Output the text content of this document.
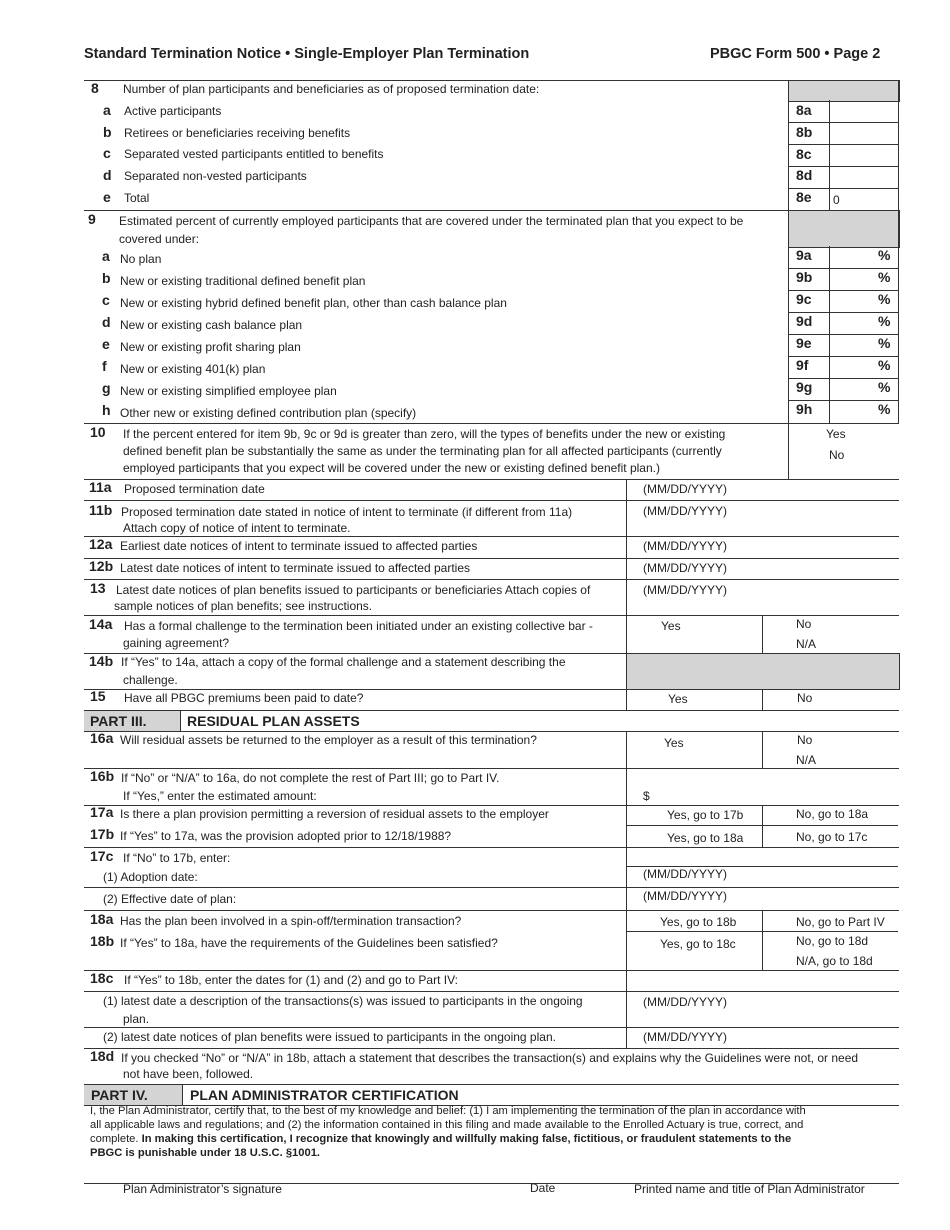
Standard Termination Notice • Single-Employer Plan Termination	PBGC Form 500 • Page 2
8 Number of plan participants and beneficiaries as of proposed termination date:
a Active participants	8a
b Retirees or beneficiaries receiving benefits	8b
c Separated vested participants entitled to benefits	8c
d Separated non-vested participants	8d
e Total	8e 0
9 Estimated percent of currently employed participants that are covered under the terminated plan that you expect to be
covered under:
a No plan	9a	%
b New or existing traditional defined benefit plan	9b	%
c New or existing hybrid defined benefit plan, other than cash balance plan	9c	%
d New or existing cash balance plan	9d	%
e New or existing profit sharing plan	9e	%
f New or existing 401(k) plan	9f	%
g New or existing simplified employee plan	9g	%
h Other new or existing defined contribution plan (specify)	9h	%
10 If the percent entered for item 9b, 9c or 9d is greater than zero, will the types of benefits under the new or existing
defined benefit plan be substantially the same as under the terminating plan for all affected participants (currently
employed participants that you expect will be covered under the new or existing defined benefit plan.)
Yes
No
11a Proposed termination date	(MM/DD/YYYY)
11b Proposed termination date stated in notice of intent to terminate (if different from 11a)
Attach copy of notice of intent to terminate.
(MM/DD/YYYY)
12a Earliest date notices of intent to terminate issued to affected parties	(MM/DD/YYYY)
12b Latest date notices of intent to terminate issued to affected parties	(MM/DD/YYYY)
13 Latest date notices of plan benefits issued to participants or beneficiaries Attach copies of
sample notices of plan benefits; see instructions.
(MM/DD/YYYY)
14a Has a formal challenge to the termination been initiated under an existing collective bar -
gaining agreement?
Yes	No
N/A
14b If “Yes” to 14a, attach a copy of the formal challenge and a statement describing the
challenge.
15 Have all PBGC premiums been paid to date?	Yes	No
PART III.	RESIDUAL PLAN ASSETS
16a Will residual assets be returned to the employer as a result of this termination?	Yes	No
N/A
16b If “No” or “N/A” to 16a, do not complete the rest of Part III; go to Part IV.
If “Yes,” enter the estimated amount:	$
17a Is there a plan provision permitting a reversion of residual assets to the employer	Yes, go to 17b	No, go to 18a
17b If “Yes” to 17a, was the provision adopted prior to 12/18/1988?	Yes, go to 18a	No, go to 17c
17c If “No” to 17b, enter:
(1) Adoption date:	(MM/DD/YYYY)
(2) Effective date of plan:	(MM/DD/YYYY)
18a Has the plan been involved in a spin-off/termination transaction?	Yes, go to 18b	No, go to Part IV
18b If “Yes” to 18a, have the requirements of the Guidelines been satisfied?	Yes, go to 18c	No, go to 18d
N/A, go to 18d
18c If “Yes” to 18b, enter the dates for (1) and (2) and go to Part IV:
(1) latest date a description of the transactions(s) was issued to participants in the ongoing
plan.
(MM/DD/YYYY)
(2) latest date notices of plan benefits were issued to participants in the ongoing plan.	(MM/DD/YYYY)
18d If you checked “No” or “N/A” in 18b, attach a statement that describes the transaction(s) and explains why the Guidelines were not, or need
not have been, followed.
PART IV.	PLAN ADMINISTRATOR CERTIFICATION
I, the Plan Administrator, certify that, to the best of my knowledge and belief: (1) I am implementing the termination of the plan in accordance with
all applicable laws and regulations; and (2) the information contained in this filing and made available to the Enrolled Actuary is true, correct, and
complete. In making this certification, I recognize that knowingly and willfully making false, fictitious, or fraudulent statements to the
PBGC is punishable under 18 U.S.C. §1001.
Plan Administrator’s signature	Date	Printed name and title of Plan Administrator
